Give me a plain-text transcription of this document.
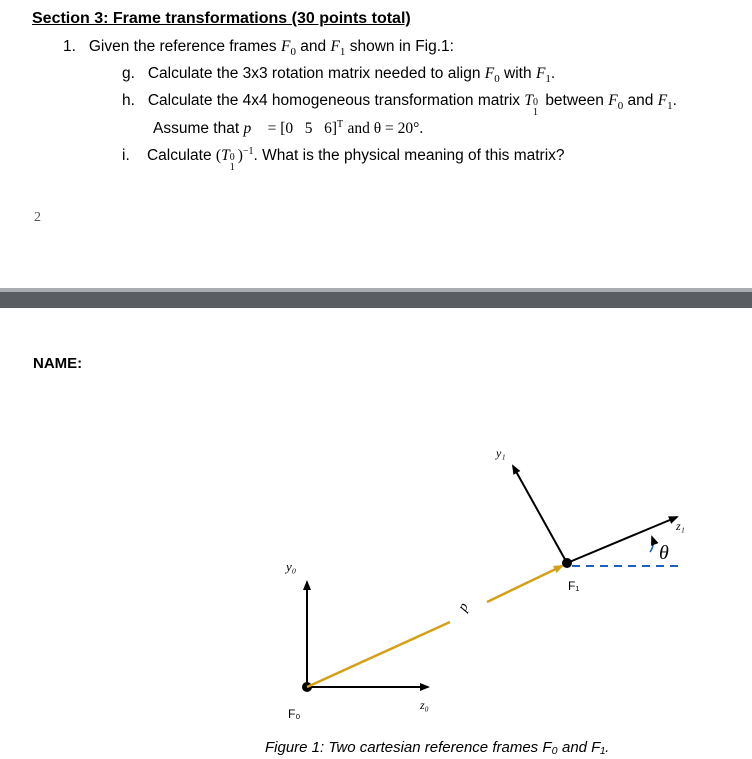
Section 3: Frame transformations (30 points total)
1. Given the reference frames $F_0$ and $F_1$ shown in Fig.1:
g. Calculate the 3x3 rotation matrix needed to align $F_0$ with $F_1$.
h. Calculate the 4x4 homogeneous transformation matrix T 0
1
between $F_0$ and $F_1$.
Assume that p⃗ = [0   5   6]$^T$ and θ = 20°.
i. Calculate (T 0
1
)$^{-1}$. What is the physical meaning of this matrix?
2
NAME:
y₀
z₀
F₀
y₁
z₁
F₁
p⃗
θ
Figure 1: Two cartesian reference frames F₀ and F₁.
